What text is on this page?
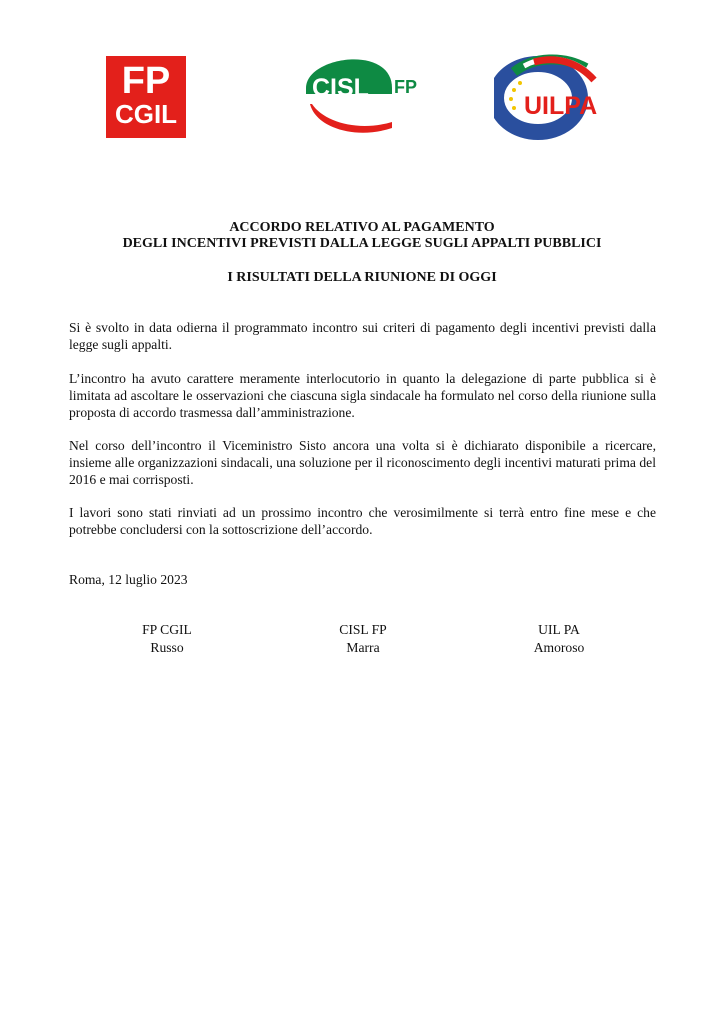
FP
CGIL
CISL FP
UILPA
ACCORDO RELATIVO AL PAGAMENTO
DEGLI INCENTIVI PREVISTI DALLA LEGGE SUGLI APPALTI PUBBLICI
I RISULTATI DELLA RIUNIONE DI OGGI

Si è svolto in data odierna il programmato incontro sui criteri di pagamento degli incentivi previsti dalla legge sugli appalti.

L’incontro ha avuto carattere meramente interlocutorio in quanto la delegazione di parte pubblica si è limitata ad ascoltare le osservazioni che ciascuna sigla sindacale ha formulato nel corso della riunione sulla proposta di accordo trasmessa dall’amministrazione.

Nel corso dell’incontro il Viceministro Sisto ancora una volta si è dichiarato disponibile a ricercare, insieme alle organizzazioni sindacali, una soluzione per il riconoscimento degli incentivi maturati prima del 2016 e mai corrisposti.

I lavori sono stati rinviati ad un prossimo incontro che verosimilmente si terrà entro fine mese e che potrebbe concludersi con la sottoscrizione dell’accordo.

Roma, 12 luglio 2023
FP CGIL
Russo
CISL FP
Marra
UIL PA
Amoroso
